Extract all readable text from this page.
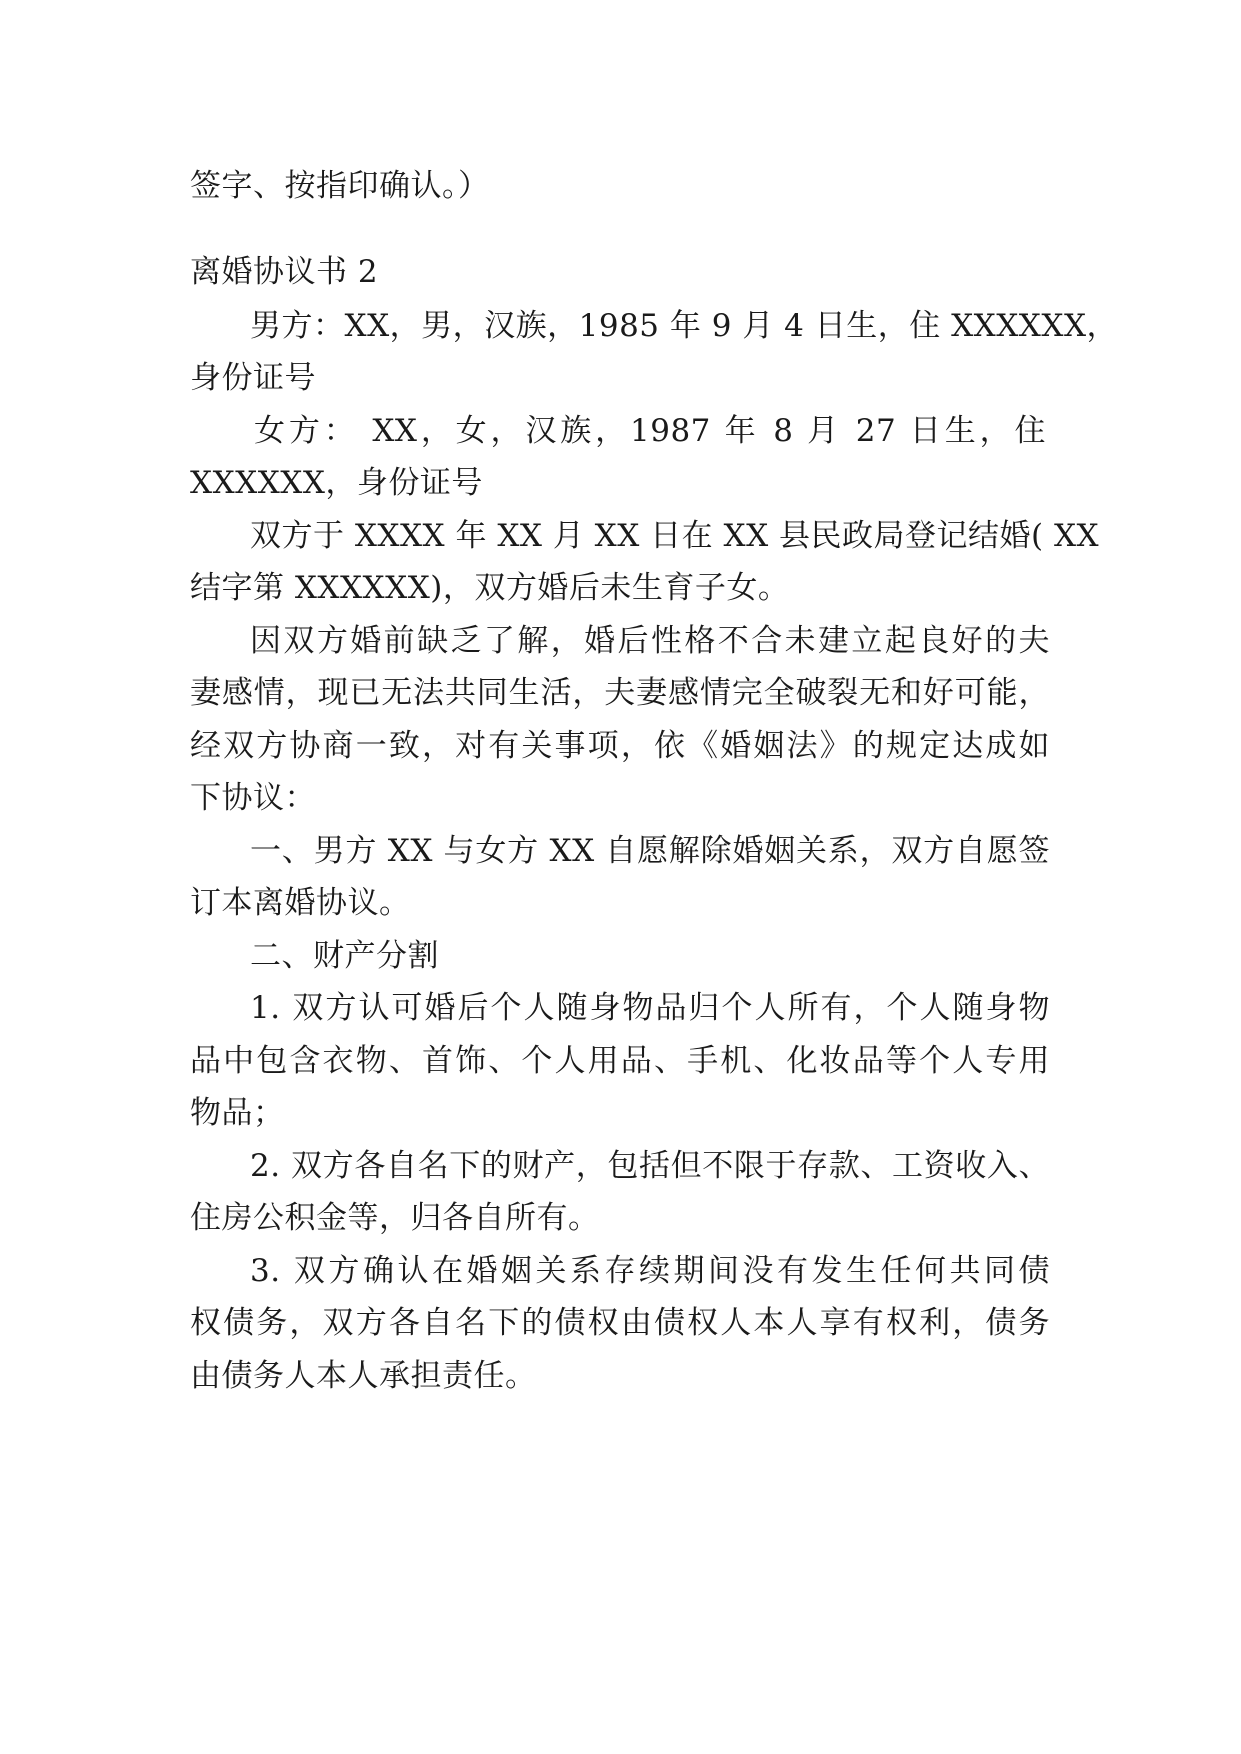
签字、按指印确认。）
离婚协议书 2
男方：XX，男，汉族，1985 年 9 月 4 日生，住 XXXXXX，
身份证号
女方： XX，女，汉族，1987 年 8 月 27 日生，住
XXXXXX，身份证号
双方于 XXXX 年 XX 月 XX 日在 XX 县民政局登记结婚( XX
结字第 XXXXXX)，双方婚后未生育子女。
因双方婚前缺乏了解，婚后性格不合未建立起良好的夫
妻感情，现已无法共同生活，夫妻感情完全破裂无和好可能，
经双方协商一致，对有关事项，依《婚姻法》的规定达成如
下协议：
一、男方 XX 与女方 XX 自愿解除婚姻关系，双方自愿签
订本离婚协议。
二、财产分割
1. 双方认可婚后个人随身物品归个人所有，个人随身物
品中包含衣物、首饰、个人用品、手机、化妆品等个人专用
物品；
2. 双方各自名下的财产，包括但不限于存款、工资收入、
住房公积金等，归各自所有。
3. 双方确认在婚姻关系存续期间没有发生任何共同债
权债务，双方各自名下的债权由债权人本人享有权利，债务
由债务人本人承担责任。
